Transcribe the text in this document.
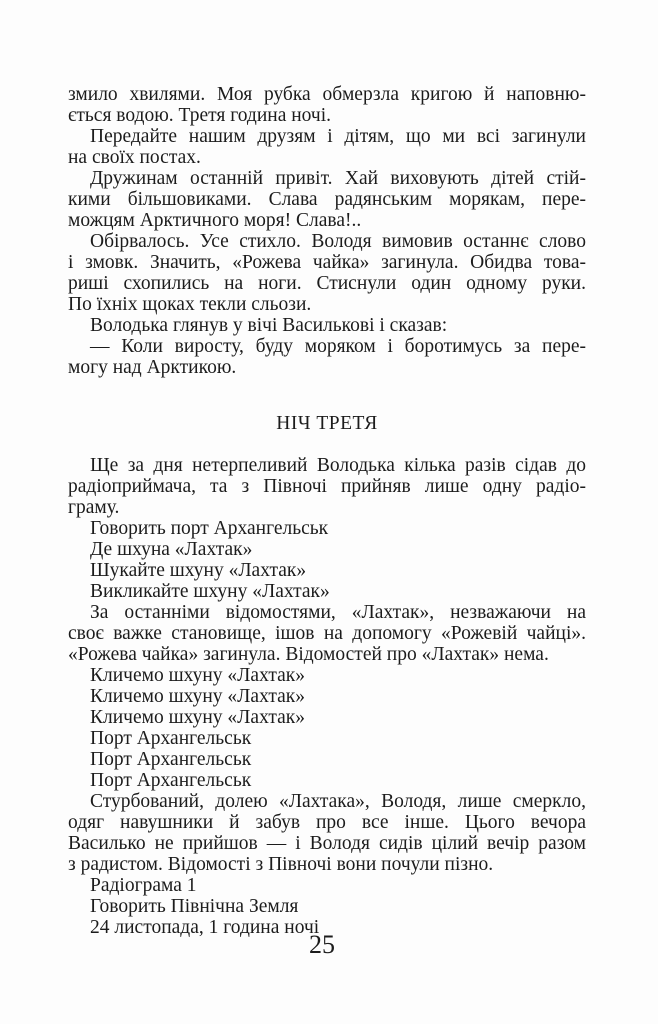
змило хвилями. Моя рубка обмерзла кригою й наповню-
ється водою. Третя година ночі.
Передайте нашим друзям і дітям, що ми всі загинули
на своїх постах.
Дружинам останній привіт. Хай виховують дітей стій-
кими більшовиками. Слава радянським морякам, пере-
можцям Арктичного моря! Слава!..
Обірвалось. Усе стихло. Володя вимовив останнє слово
і змовк. Значить, «Рожева чайка» загинула. Обидва това-
риші схопились на ноги. Стиснули один одному руки.
По їхніх щоках текли сльози.
Володька глянув у вічі Василькові і сказав:
— Коли виросту, буду моряком і боротимусь за пере-
могу над Арктикою.
НІЧ ТРЕТЯ
Ще за дня нетерпеливий Володька кілька разів сідав до
радіоприймача, та з Півночі прийняв лише одну радіо-
граму.
Говорить порт Архангельськ
Де шхуна «Лахтак»
Шукайте шхуну «Лахтак»
Викликайте шхуну «Лахтак»
За останніми відомостями, «Лахтак», незважаючи на
своє важке становище, ішов на допомогу «Рожевій чайці».
«Рожева чайка» загинула. Відомостей про «Лахтак» нема.
Кличемо шхуну «Лахтак»
Кличемо шхуну «Лахтак»
Кличемо шхуну «Лахтак»
Порт Архангельськ
Порт Архангельськ
Порт Архангельськ
Стурбований, долею «Лахтака», Володя, лише смеркло,
одяг навушники й забув про все інше. Цього вечора
Василько не прийшов — і Володя сидів цілий вечір разом
з радистом. Відомості з Півночі вони почули пізно.
Радіограма 1
Говорить Північна Земля
24 листопада, 1 година ночі
25
